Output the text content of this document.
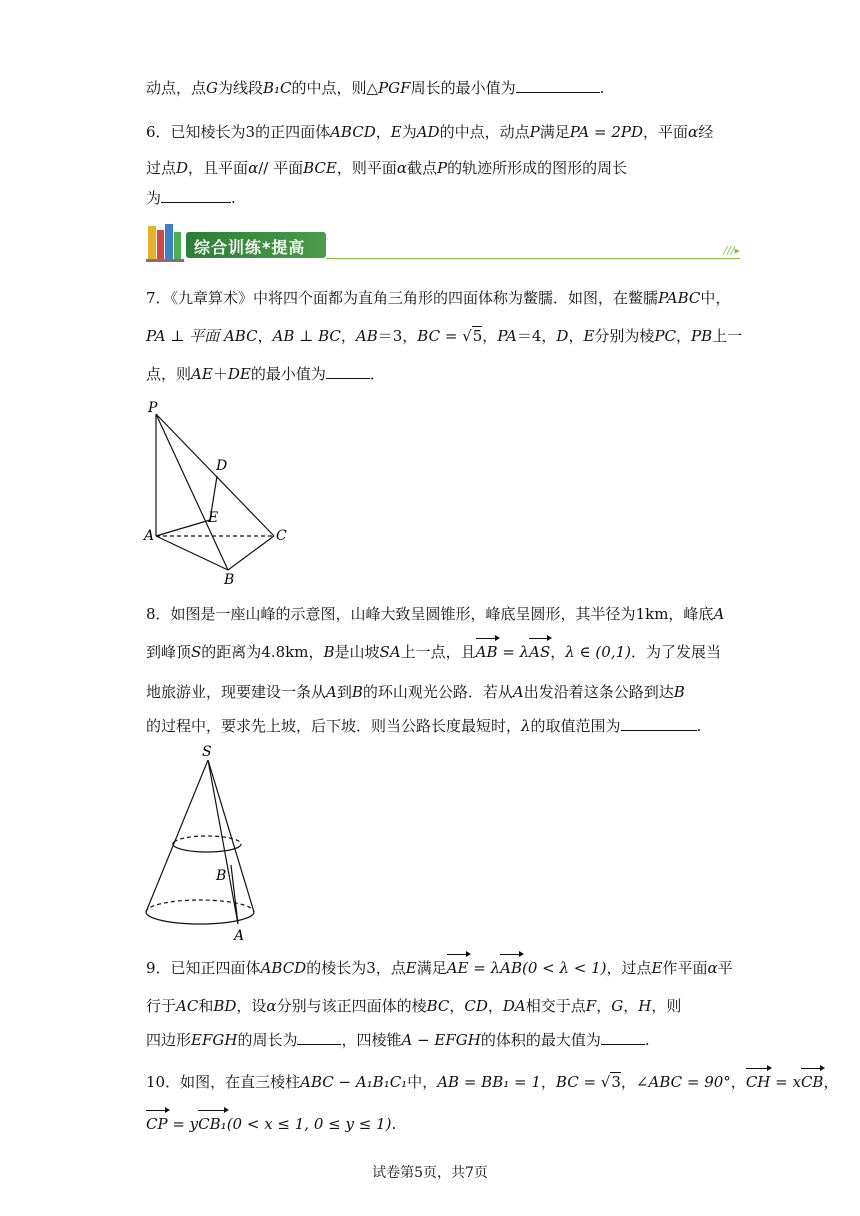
动点，点G为线段B₁C的中点，则△PGF周长的最小值为	.
6．已知棱长为3的正四面体ABCD，E为AD的中点，动点P满足PA = 2PD，平面α经
过点D，且平面α// 平面BCE，则平面α截点P的轨迹所形成的图形的周长
为	.
综合训练*提高	///▸
7．《九章算术》中将四个面都为直角三角形的四面体称为鳖臑．如图，在鳖臑PABC中，
PA ⊥ 平面 ABC，AB ⊥ BC，AB＝3，BC = √5，PA＝4，D，E分别为棱PC，PB上一
点，则AE＋DE的最小值为	．
P
D
E
A	C
B
8．如图是一座山峰的示意图，山峰大致呈圆锥形，峰底呈圆形，其半径为1km，峰底A
到峰顶S的距离为4.8km，B是山坡SA上一点，且AB = λAS，λ ∈ (0,1)．为了发展当
地旅游业，现要建设一条从A到B的环山观光公路．若从A出发沿着这条公路到达B
的过程中，要求先上坡，后下坡．则当公路长度最短时，λ的取值范围为	.
S
B
A
9．已知正四面体ABCD的棱长为3，点E满足AE = λAB(0 < λ < 1)，过点E作平面α平
行于AC和BD，设α分别与该正四面体的棱BC，CD，DA相交于点F，G，H，则
四边形EFGH的周长为	，四棱锥A − EFGH的体积的最大值为	.
10．如图，在直三棱柱ABC − A₁B₁C₁中，AB = BB₁ = 1，BC = √3，∠ABC = 90°，CH = xCB，
CP = yCB₁(0 < x ≤ 1, 0 ≤ y ≤ 1).
试卷第5页，共7页
